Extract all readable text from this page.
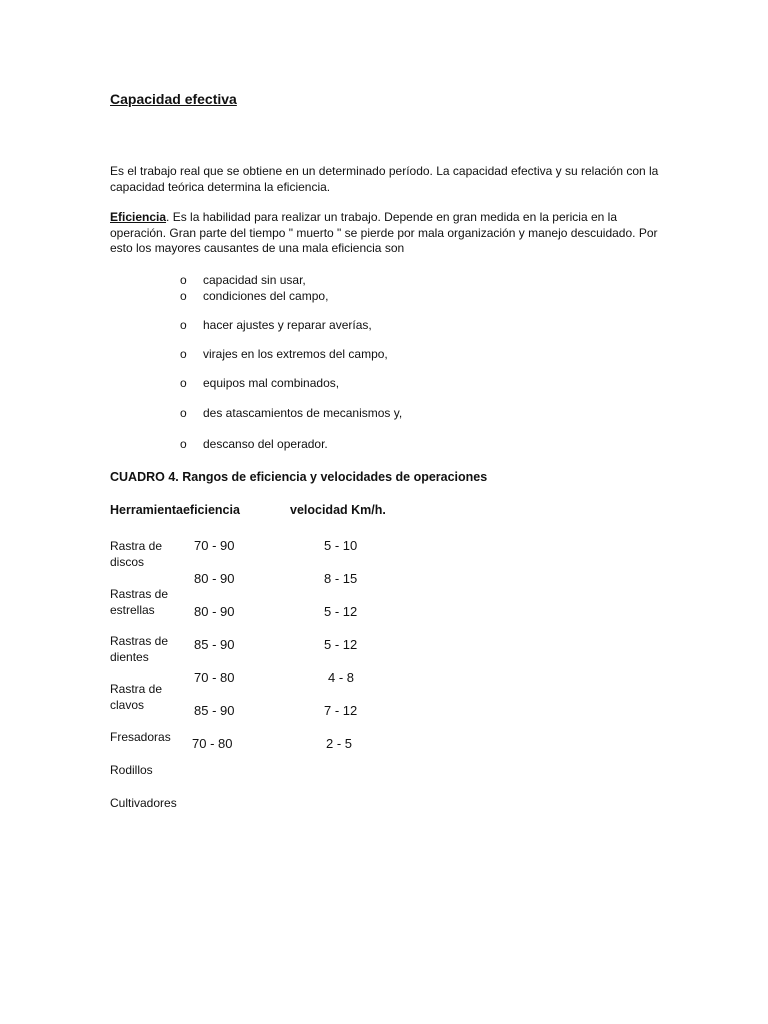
Capacidad efectiva
Es el trabajo real que se obtiene en un determinado período. La capacidad efectiva y su relación con la capacidad teórica determina la eficiencia.
Eficiencia. Es la habilidad para realizar un trabajo. Depende en gran medida en la pericia en la operación. Gran parte del tiempo " muerto " se pierde por mala organización y manejo descuidado. Por esto los mayores causantes de una mala eficiencia son
o capacidad sin usar,
o condiciones del campo,
o hacer ajustes y reparar averías,
o virajes en los extremos del campo,
o equipos mal combinados,
o des atascamientos de mecanismos y,
o descanso del operador.
CUADRO 4. Rangos de eficiencia y velocidades de operaciones
Herramientaeficiencia	velocidad Km/h.
Rastra de discos
Rastras de estrellas
Rastras de dientes
Rastra de clavos
Fresadoras
Rodillos
Cultivadores
70 - 90
80 - 90
80 - 90
85 - 90
70 - 80
85 - 90
70 - 80
5 - 10
8 - 15
5 - 12
5 - 12
4 - 8
7 - 12
2 - 5
